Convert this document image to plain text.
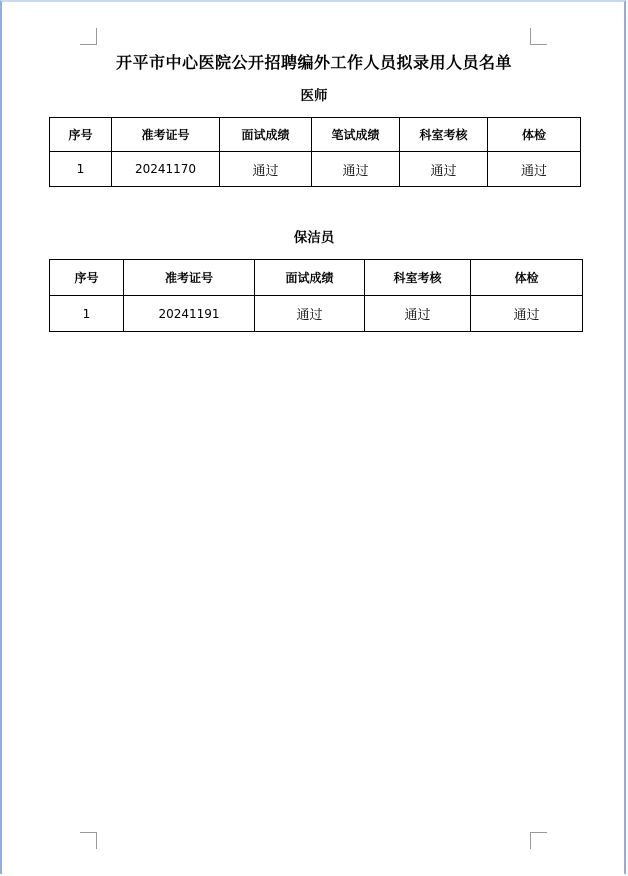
开平市中心医院公开招聘编外工作人员拟录用人员名单
医师
序号	准考证号	面试成绩	笔试成绩	科室考核	体检
1	20241170	通过	通过	通过	通过
保洁员
序号	准考证号	面试成绩	科室考核	体检
1	20241191	通过	通过	通过
